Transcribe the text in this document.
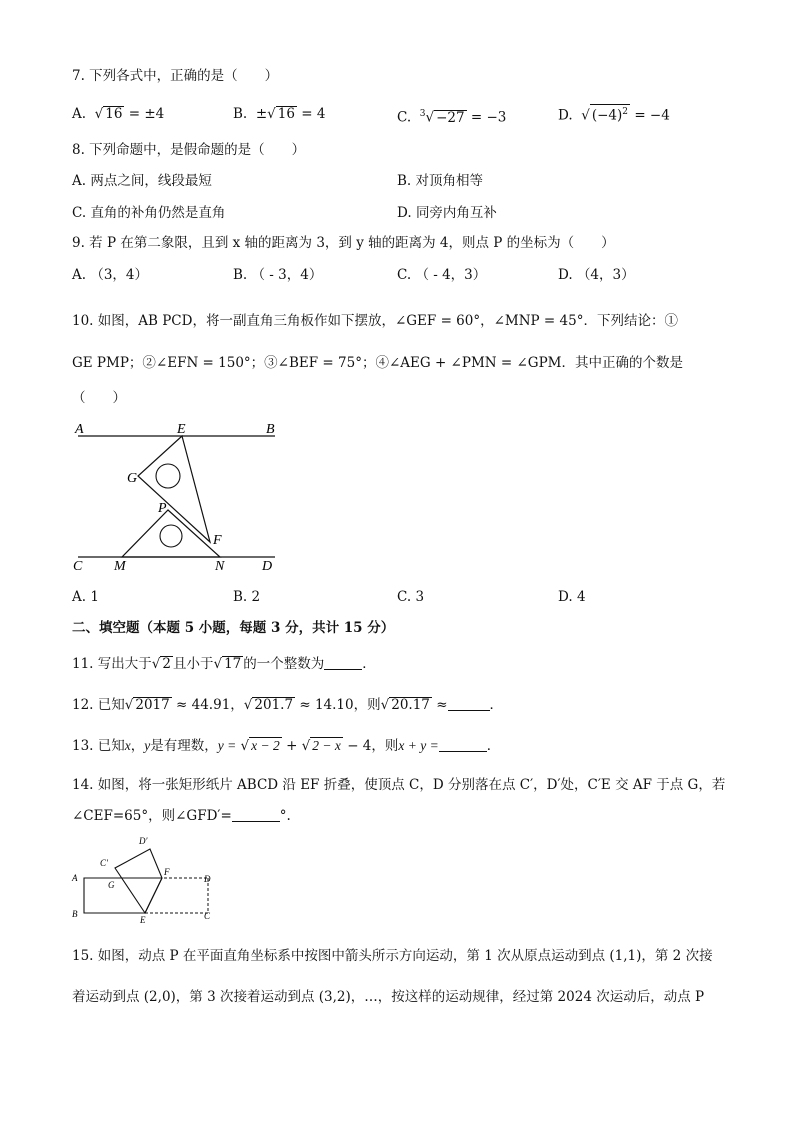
7. 下列各式中，正确的是（　　）
A. √ 16 = ±4	B. ±√ 16 = 4	C. $^3$√ −27 = −3	D. √ $(-4)^2 = -4$
8. 下列命题中，是假命题的是（　　）
A. 两点之间，线段最短	B. 对顶角相等
C. 直角的补角仍然是直角	D. 同旁内角互补
9. 若 P 在第二象限，且到 x 轴的距离为 3，到 y 轴的距离为 4，则点 P 的坐标为（　　）
A. （3，4）	B. （ - 3，4）	C. （ - 4，3）	D. （4，3）
10. 如图，AB PCD，将一副直角三角板作如下摆放，∠GEF = 60°，∠MNP = 45°．下列结论：①
GE PMP；②∠EFN = 150°；③∠BEF = 75°；④∠AEG + ∠PMN = ∠GPM．其中正确的个数是
（　　）
A	E	B
G
P
F
C M	N	D
A. 1	B. 2	C. 3	D. 4
二、填空题（本题 5 小题，每题 3 分，共计 15 分）
11. 写出大于√ 2 且小于√ 17 的一个整数为	．
12. 已知√ 2017 ≈ 44.91，√ 201.7 ≈ 14.10，则√ 20.17 ≈	．
13. 已知x，y是有理数，y = √ x − 2 + √ 2 − x − 4，则x + y =	．
14. 如图，将一张矩形纸片 ABCD 沿 EF 折叠，使顶点 C，D 分别落在点 C′，D′处，C′E 交 AF 于点 G，若
∠CEF=65°，则∠GFD′=	°.
D′
C′
G
F
A	D
B
E	C
15. 如图，动点 P 在平面直角坐标系中按图中箭头所示方向运动，第 1 次从原点运动到点 (1,1)，第 2 次接
着运动到点 (2,0)，第 3 次接着运动到点 (3,2)，…，按这样的运动规律，经过第 2024 次运动后，动点 P
